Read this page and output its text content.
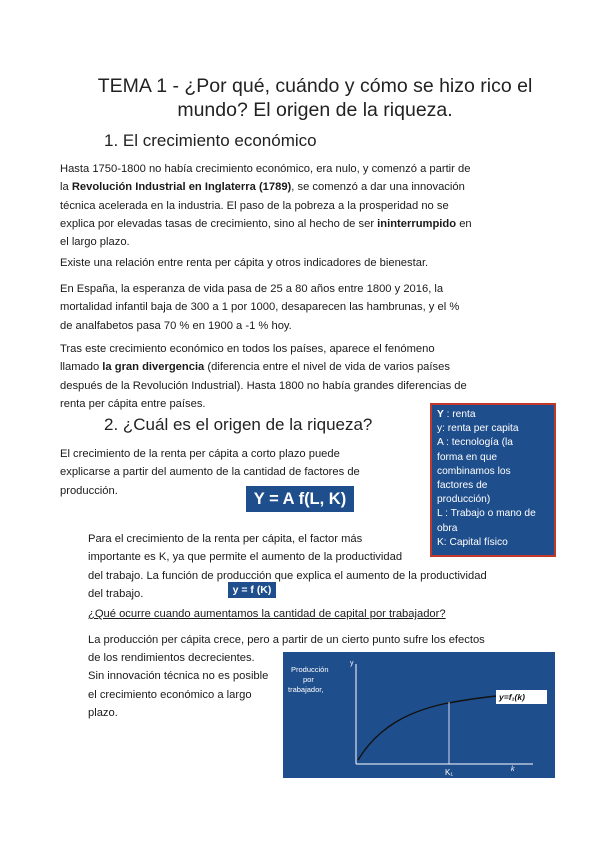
TEMA 1 - ¿Por qué, cuándo y cómo se hizo rico el
mundo? El origen de la riqueza.
1. El crecimiento económico
Hasta 1750-1800 no había crecimiento económico, era nulo, y comenzó a partir de
la Revolución Industrial en Inglaterra (1789), se comenzó a dar una innovación
técnica acelerada en la industria. El paso de la pobreza a la prosperidad no se
explica por elevadas tasas de crecimiento, sino al hecho de ser ininterrumpido en
el largo plazo.
Existe una relación entre renta per cápita y otros indicadores de bienestar.
En España, la esperanza de vida pasa de 25 a 80 años entre 1800 y 2016, la
mortalidad infantil baja de 300 a 1 por 1000, desaparecen las hambrunas, y el %
de analfabetos pasa 70 % en 1900 a -1 % hoy.
Tras este crecimiento económico en todos los países, aparece el fenómeno
llamado la gran divergencia (diferencia entre el nivel de vida de varios países
después de la Revolución Industrial). Hasta 1800 no había grandes diferencias de
renta per cápita entre países.
2. ¿Cuál es el origen de la riqueza?
El crecimiento de la renta per cápita a corto plazo puede
explicarse a partir del aumento de la cantidad de factores de
producción.	Y = A f(L, K)
Y : renta
y: renta per capita
A : tecnología (la
forma en que
combinamos los
factores de
producción)
L : Trabajo o mano de
obra
K: Capital físico
Para el crecimiento de la renta per cápita, el factor más
importante es K, ya que permite el aumento de la productividad
del trabajo. La función de producción que explica el aumento de la productividad
del trabajo.	y = f (K)
¿Qué ocurre cuando aumentamos la cantidad de capital por trabajador?
La producción per cápita crece, pero a partir de un cierto punto sufre los efectos
de los rendimientos decrecientes.
Sin innovación técnica no es posible
el crecimiento económico a largo
plazo.
Producción
por
trabajador,
y
y=f₁(k)
K₁	k
